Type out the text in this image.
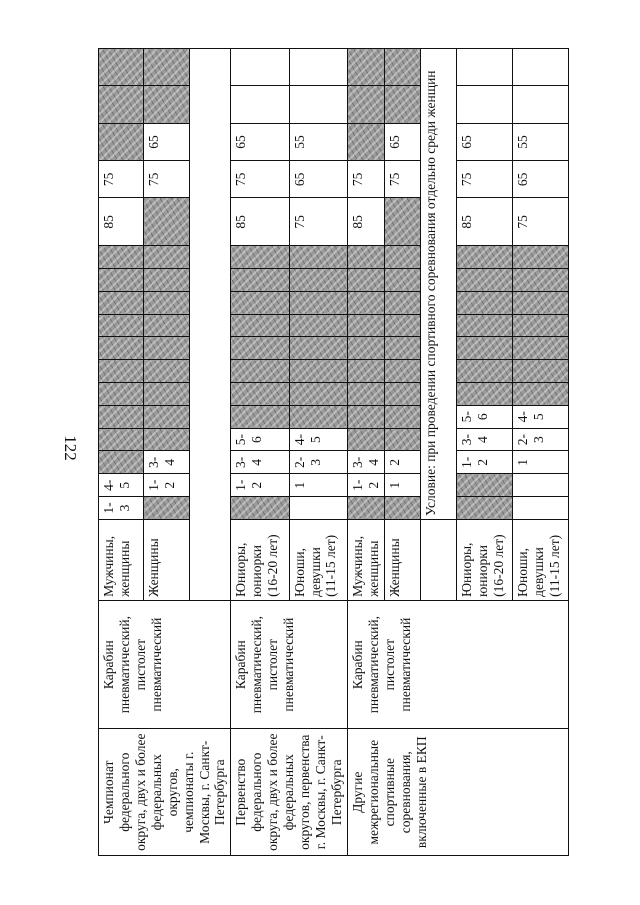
122
Чемпионат федерального округа, двух и более федеральных округов, чемпионаты г. Москвы, г. Санкт-Петербурга	Карабин пневматический, пистолет пневматический	Мужчины, женщины	1-3	4-5											85	75			
		Женщины		1-2	3-4											75	65		

Первенство федерального округа, двух и более федеральных округов, первенства г. Москвы, г. Санкт-Петербурга	Карабин пневматический, пистолет пневматический	Юниоры, юниорки (16-20 лет)		1-2	3-4	5-6									85	75	65		
		Юноши, девушки (11-15 лет)		1	2-3	4-5									75	65	55		
Другие межрегиональные спортивные соревнования, включенные в ЕКП	Карабин пневматический, пистолет пневматический	Мужчины, женщины		1-2	3-4										85	75			
		Женщины		1	2											75	65		
			Условие: при проведении спортивного соревнования отдельно среди женщин																
		Юниоры, юниорки (16-20 лет)			1-2	3-4	5-6								85	75	65		
		Юноши, девушки (11-15 лет)			1	2-3	4-5								75	65	55		
